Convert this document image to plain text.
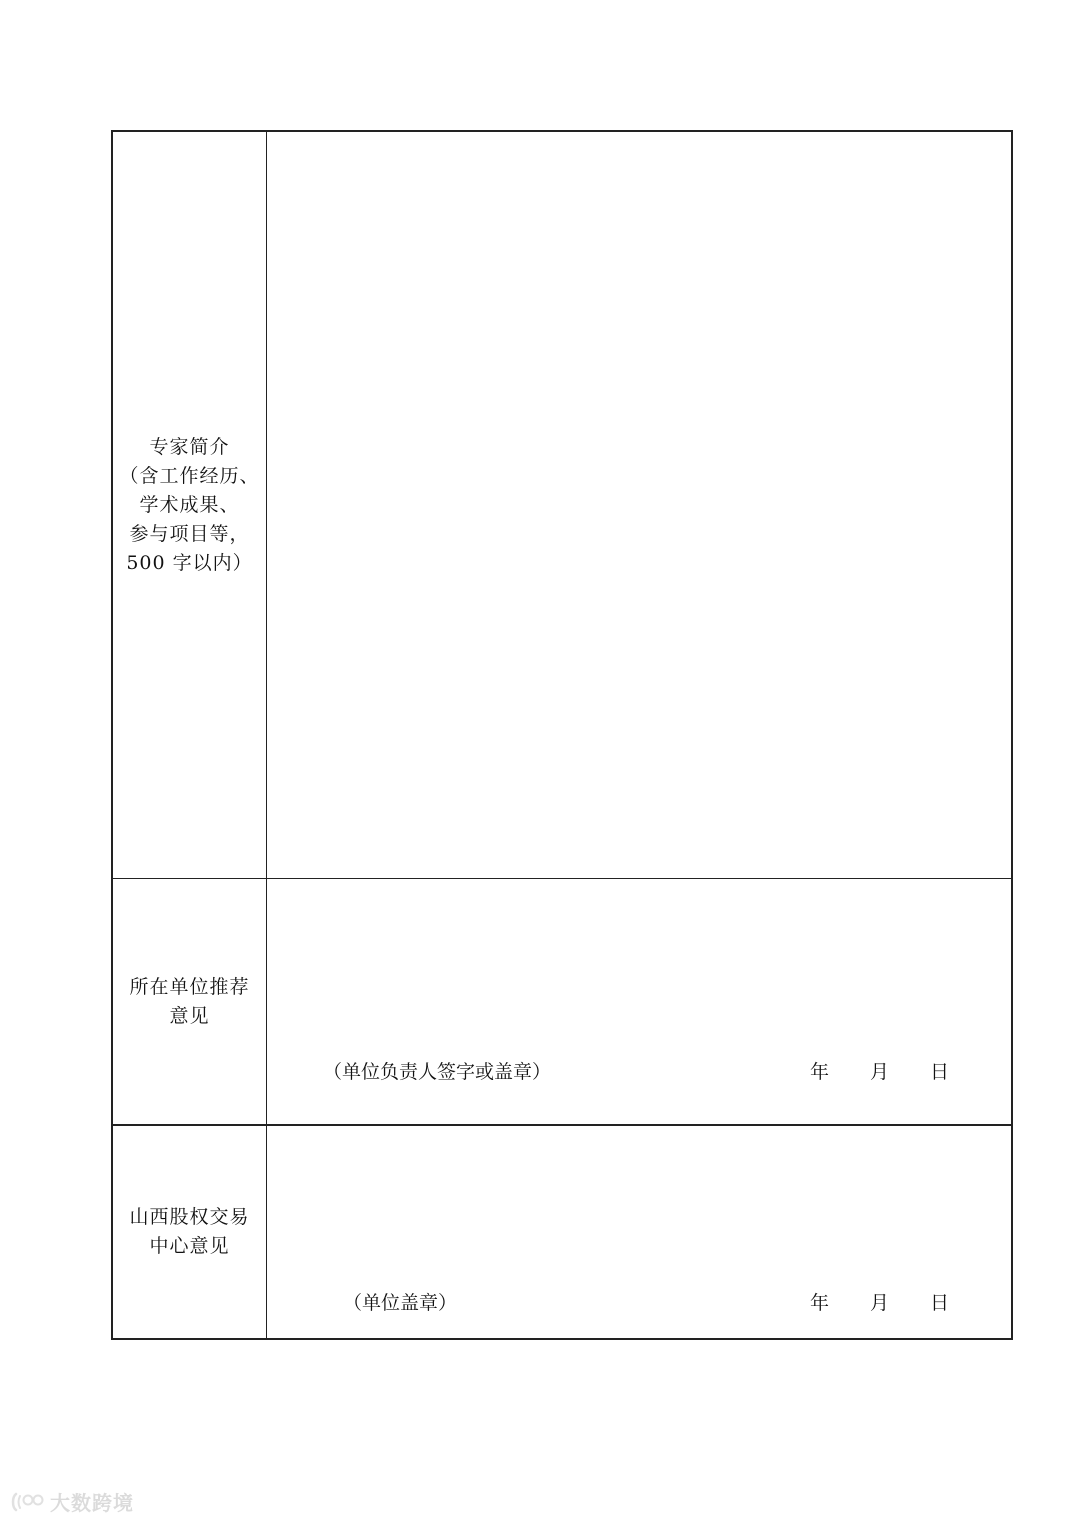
专家简介
（含工作经历、
学术成果、
参与项目等，
500 字以内）
所在单位推荐
意见
（单位负责人签字或盖章）	年 月 日
山西股权交易
中心意见
（单位盖章）	年 月 日
大数跨境
